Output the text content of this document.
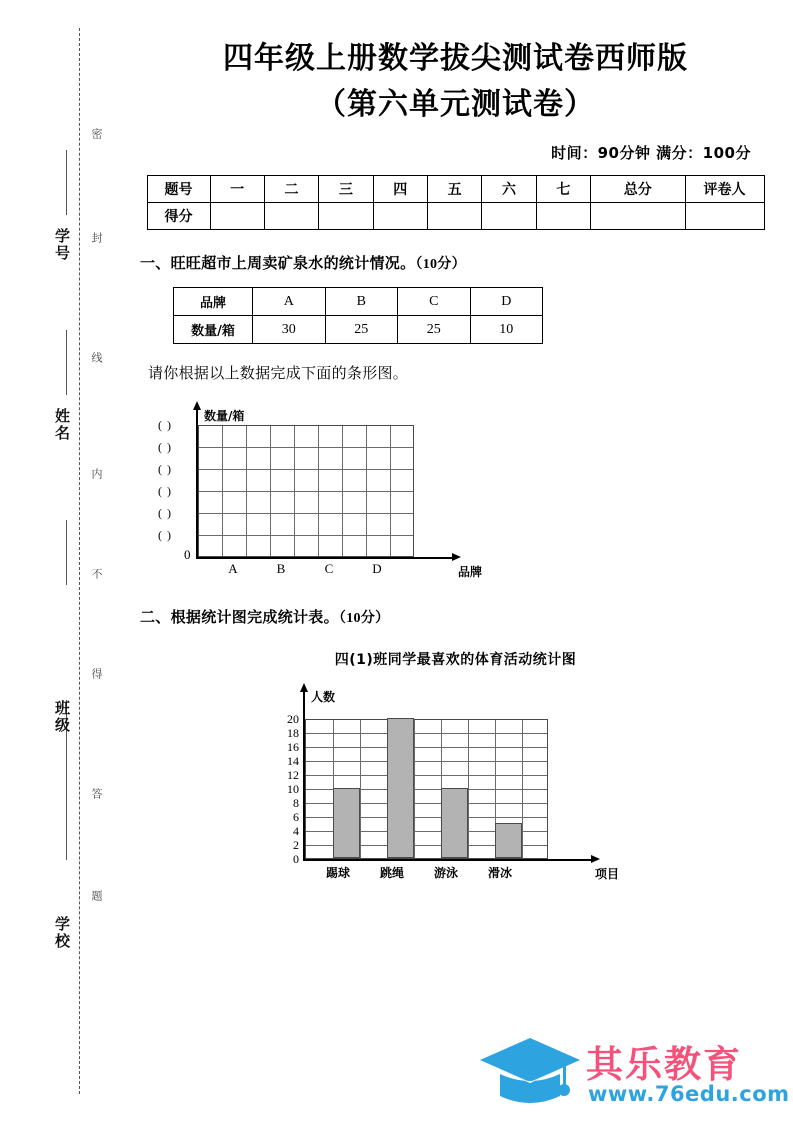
学号
姓名
班级
学校
密
封
线
内
不
得
答
题
四年级上册数学拔尖测试卷西师版
（第六单元测试卷）
时间：90分钟 满分：100分
题号	一	二	三	四	五	六	七	总分	评卷人
得分									
一、旺旺超市上周卖矿泉水的统计情况。（10分）
品牌	A	B	C	D
数量/箱	30	25	25	10
请你根据以上数据完成下面的条形图。
数量/箱
品牌
0
( )
( )
( )
( )
( )
( )
A	B	C	D
二、根据统计图完成统计表。（10分）
四(1)班同学最喜欢的体育活动统计图
人数
项目
0
2
4
6
8
10
12
14
16
18
20
踢球	跳绳	游泳	滑冰
其乐教育
www.76edu.com
